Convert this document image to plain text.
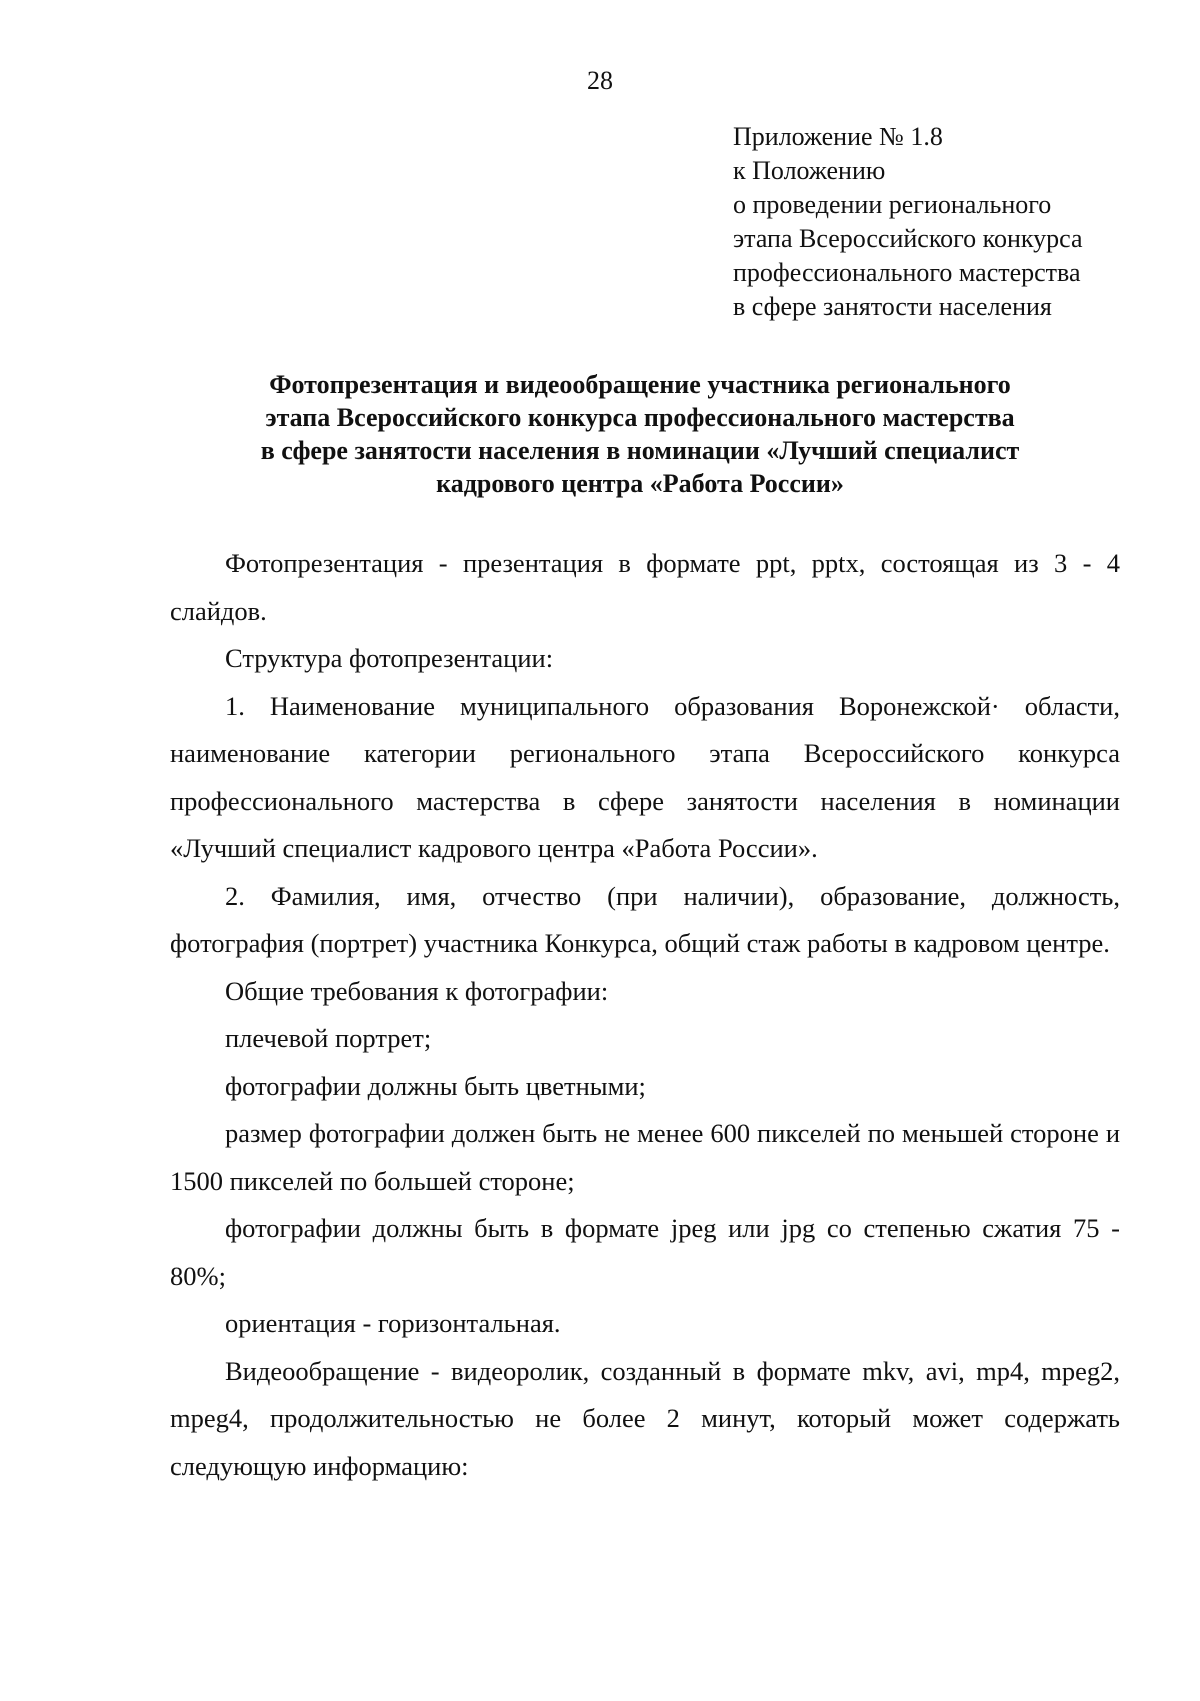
28
Приложение № 1.8
к Положению
о проведении регионального
этапа Всероссийского конкурса
профессионального мастерства
в сфере занятости населения
Фотопрезентация и видеообращение участника регионального
этапа Всероссийского конкурса профессионального мастерства
в сфере занятости населения в номинации «Лучший специалист
кадрового центра «Работа России»

Фотопрезентация - презентация в формате ppt, pptx, состоящая из 3 - 4 слайдов.

Структура фотопрезентации:

1. Наименование муниципального образования Воронежской· области, наименование категории регионального этапа Всероссийского конкурса профессионального мастерства в сфере занятости населения в номинации «Лучший специалист кадрового центра «Работа России».

2. Фамилия, имя, отчество (при наличии), образование, должность, фотография (портрет) участника Конкурса, общий стаж работы в кадровом центре.

Общие требования к фотографии:

плечевой портрет;

фотографии должны быть цветными;

размер фотографии должен быть не менее 600 пикселей по меньшей стороне и 1500 пикселей по большей стороне;

фотографии должны быть в формате jpeg или jpg со степенью сжатия 75 - 80%;

ориентация - горизонтальная.

Видеообращение - видеоролик, созданный в формате mkv, avi, mp4, mpeg2, mpeg4, продолжительностью не более 2 минут, который может содержать следующую информацию:
